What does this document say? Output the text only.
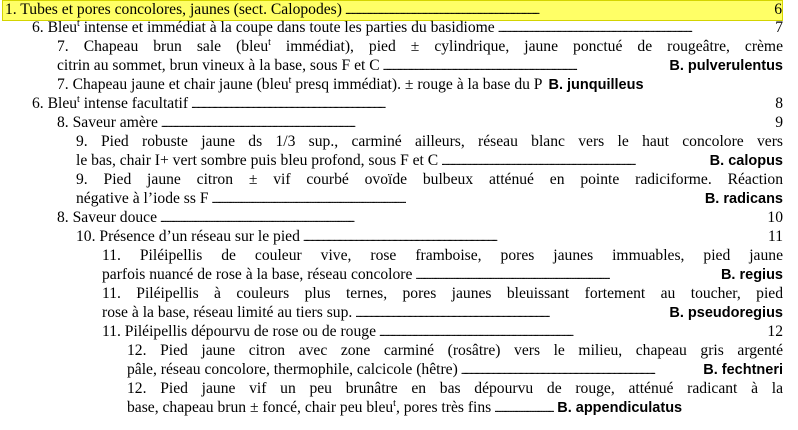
1. Tubes et pores concolores, jaunes (sect. Calopodes) . . .	6
6. Bleu$^t$ intense et immédiat à la coupe dans toute les parties du basidiome . . .	7
7. Chapeau brun sale (bleu$^t$ immédiat), pied ± cylindrique, jaune ponctué de rougeâtre, crème
citrin au sommet, brun vineux à la base, sous F et C . . .	B. pulverulentus
7. Chapeau jaune et chair jaune (bleu$^t$ presq immédiat). ± rouge à la base du P B. junquilleus
6. Bleu$^t$ intense facultatif . . .	8
8. Saveur amère . . .	9
9. Pied robuste jaune ds 1/3 sup., carminé ailleurs, réseau blanc vers le haut concolore vers
le bas, chair I+ vert sombre puis bleu profond, sous F et C . . .	B. calopus
9. Pied jaune citron ± vif courbé ovoïde bulbeux atténué en pointe radiciforme. Réaction
négative à l’iode ss F . . .	B. radicans
8. Saveur douce . . .	10
10. Présence d’un réseau sur le pied . . .	11
11. Piléipellis de couleur vive, rose framboise, pores jaunes immuables, pied jaune
parfois nuancé de rose à la base, réseau concolore . . .	B. regius
11. Piléipellis à couleurs plus ternes, pores jaunes bleuissant fortement au toucher, pied
rose à la base, réseau limité au tiers sup. . . .	B. pseudoregius
11. Piléipellis dépourvu de rose ou de rouge . . .	12
12. Pied jaune citron avec zone carminé (rosâtre) vers le milieu, chapeau gris argenté
pâle, réseau concolore, thermophile, calcicole (hêtre) . . .	B. fechtneri
12. Pied jaune vif un peu brunâtre en bas dépourvu de rouge, atténué radicant à la
base, chapeau brun ± foncé, chair peu bleu$^t$, pores très fins . . .	B. appendiculatus
